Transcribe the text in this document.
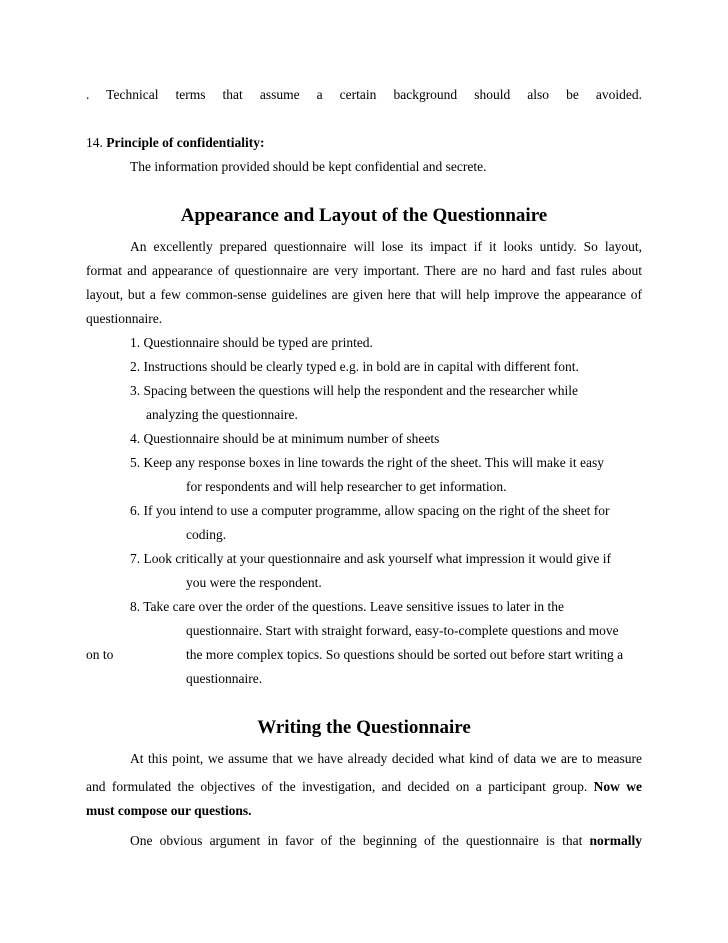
. Technical terms that assume a certain background should also be avoided.
14. Principle of confidentiality:
The information provided should be kept confidential and secrete.
Appearance and Layout of the Questionnaire
An excellently prepared questionnaire will lose its impact if it looks untidy. So layout,
format and appearance of questionnaire are very important. There are no hard and fast rules about
layout, but a few common-sense guidelines are given here that will help improve the appearance of
questionnaire.
1. Questionnaire should be typed are printed.
2. Instructions should be clearly typed e.g. in bold are in capital with different font.
3. Spacing between the questions will help the respondent and the researcher while
analyzing the questionnaire.
4. Questionnaire should be at minimum number of sheets
5. Keep any response boxes in line towards the right of the sheet. This will make it easy
for respondents and will help researcher to get information.
6. If you intend to use a computer programme, allow spacing on the right of the sheet for
coding.
7. Look critically at your questionnaire and ask yourself what impression it would give if
you were the respondent.
8. Take care over the order of the questions. Leave sensitive issues to later in the
questionnaire. Start with straight forward, easy-to-complete questions and move
on to	the more complex topics. So questions should be sorted out before start writing a
questionnaire.
Writing the Questionnaire
At this point, we assume that we have already decided what kind of data we are to measure
and formulated the objectives of the investigation, and decided on a participant group. Now we
must compose our questions.
One obvious argument in favor of the beginning of the questionnaire is that normally
